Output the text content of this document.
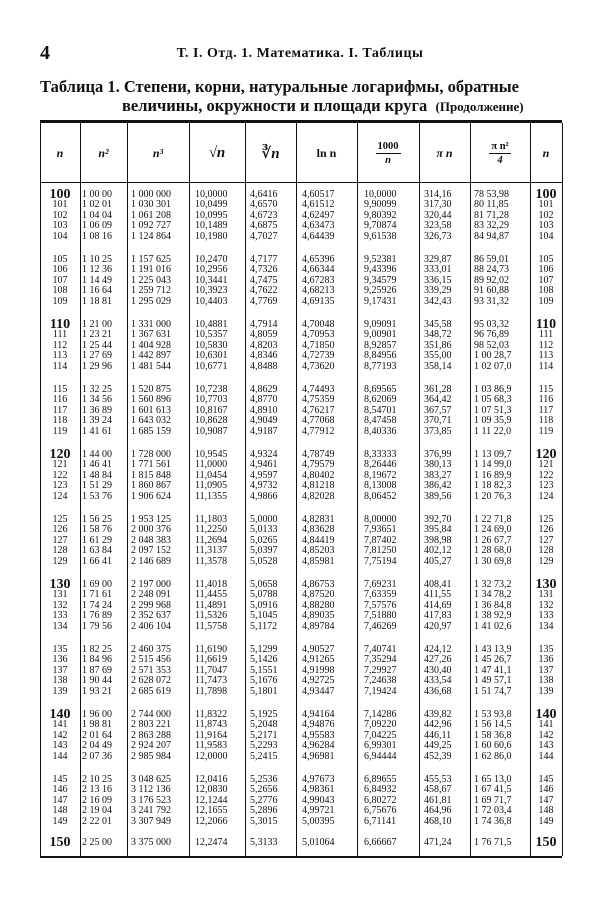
4	Т. I. Отд. 1. Математика. I. Таблицы
Таблица 1. Степени, корни, натуральные логарифмы, обратные
величины, окружности и площади круга (Продолжение)
n	n²	n³	√n	∛n	ln n	$\frac{1000}{n}$	π n	$\frac{\text{π n²}}{4}$	n
100	1 00 00	1 000 000	10,0000	4,6416	4,60517	10,0000	314,16	78 53,98	100
101	1 02 01	1 030 301	10,0499	4,6570	4,61512	9,90099	317,30	80 11,85	101
102	1 04 04	1 061 208	10,0995	4,6723	4,62497	9,80392	320,44	81 71,28	102
103	1 06 09	1 092 727	10,1489	4,6875	4,63473	9,70874	323,58	83 32,29	103
104	1 08 16	1 124 864	10,1980	4,7027	4,64439	9,61538	326,73	84 94,87	104
105	1 10 25	1 157 625	10,2470	4,7177	4,65396	9,52381	329,87	86 59,01	105
106	1 12 36	1 191 016	10,2956	4,7326	4,66344	9,43396	333,01	88 24,73	106
107	1 14 49	1 225 043	10,3441	4,7475	4,67283	9,34579	336,15	89 92,02	107
108	1 16 64	1 259 712	10,3923	4,7622	4,68213	9,25926	339,29	91 60,88	108
109	1 18 81	1 295 029	10,4403	4,7769	4,69135	9,17431	342,43	93 31,32	109
110	1 21 00	1 331 000	10,4881	4,7914	4,70048	9,09091	345,58	95 03,32	110
111	1 23 21	1 367 631	10,5357	4,8059	4,70953	9,00901	348,72	96 76,89	111
112	1 25 44	1 404 928	10,5830	4,8203	4,71850	8,92857	351,86	98 52,03	112
113	1 27 69	1 442 897	10,6301	4,8346	4,72739	8,84956	355,00	1 00 28,7	113
114	1 29 96	1 481 544	10,6771	4,8488	4,73620	8,77193	358,14	1 02 07,0	114
115	1 32 25	1 520 875	10,7238	4,8629	4,74493	8,69565	361,28	1 03 86,9	115
116	1 34 56	1 560 896	10,7703	4,8770	4,75359	8,62069	364,42	1 05 68,3	116
117	1 36 89	1 601 613	10,8167	4,8910	4,76217	8,54701	367,57	1 07 51,3	117
118	1 39 24	1 643 032	10,8628	4,9049	4,77068	8,47458	370,71	1 09 35,9	118
119	1 41 61	1 685 159	10,9087	4,9187	4,77912	8,40336	373,85	1 11 22,0	119
120	1 44 00	1 728 000	10,9545	4,9324	4,78749	8,33333	376,99	1 13 09,7	120
121	1 46 41	1 771 561	11,0000	4,9461	4,79579	8,26446	380,13	1 14 99,0	121
122	1 48 84	1 815 848	11,0454	4,9597	4,80402	8,19672	383,27	1 16 89,9	122
123	1 51 29	1 860 867	11,0905	4,9732	4,81218	8,13008	386,42	1 18 82,3	123
124	1 53 76	1 906 624	11,1355	4,9866	4,82028	8,06452	389,56	1 20 76,3	124
125	1 56 25	1 953 125	11,1803	5,0000	4,82831	8,00000	392,70	1 22 71,8	125
126	1 58 76	2 000 376	11,2250	5,0133	4,83628	7,93651	395,84	1 24 69,0	126
127	1 61 29	2 048 383	11,2694	5,0265	4,84419	7,87402	398,98	1 26 67,7	127
128	1 63 84	2 097 152	11,3137	5,0397	4,85203	7,81250	402,12	1 28 68,0	128
129	1 66 41	2 146 689	11,3578	5,0528	4,85981	7,75194	405,27	1 30 69,8	129
130	1 69 00	2 197 000	11,4018	5,0658	4,86753	7,69231	408,41	1 32 73,2	130
131	1 71 61	2 248 091	11,4455	5,0788	4,87520	7,63359	411,55	1 34 78,2	131
132	1 74 24	2 299 968	11,4891	5,0916	4,88280	7,57576	414,69	1 36 84,8	132
133	1 76 89	2 352 637	11,5326	5,1045	4,89035	7,51880	417,83	1 38 92,9	133
134	1 79 56	2 406 104	11,5758	5,1172	4,89784	7,46269	420,97	1 41 02,6	134
135	1 82 25	2 460 375	11,6190	5,1299	4,90527	7,40741	424,12	1 43 13,9	135
136	1 84 96	2 515 456	11,6619	5,1426	4,91265	7,35294	427,26	1 45 26,7	136
137	1 87 69	2 571 353	11,7047	5,1551	4,91998	7,29927	430,40	1 47 41,1	137
138	1 90 44	2 628 072	11,7473	5,1676	4,92725	7,24638	433,54	1 49 57,1	138
139	1 93 21	2 685 619	11,7898	5,1801	4,93447	7,19424	436,68	1 51 74,7	139
140	1 96 00	2 744 000	11,8322	5,1925	4,94164	7,14286	439,82	1 53 93,8	140
141	1 98 81	2 803 221	11,8743	5,2048	4,94876	7,09220	442,96	1 56 14,5	141
142	2 01 64	2 863 288	11,9164	5,2171	4,95583	7,04225	446,11	1 58 36,8	142
143	2 04 49	2 924 207	11,9583	5,2293	4,96284	6,99301	449,25	1 60 60,6	143
144	2 07 36	2 985 984	12,0000	5,2415	4,96981	6,94444	452,39	1 62 86,0	144
145	2 10 25	3 048 625	12,0416	5,2536	4,97673	6,89655	455,53	1 65 13,0	145
146	2 13 16	3 112 136	12,0830	5,2656	4,98361	6,84932	458,67	1 67 41,5	146
147	2 16 09	3 176 523	12,1244	5,2776	4,99043	6,80272	461,81	1 69 71,7	147
148	2 19 04	3 241 792	12,1655	5,2896	4,99721	6,75676	464,96	1 72 03,4	148
149	2 22 01	3 307 949	12,2066	5,3015	5,00395	6,71141	468,10	1 74 36,8	149
150	2 25 00	3 375 000	12,2474	5,3133	5,01064	6,66667	471,24	1 76 71,5	150
